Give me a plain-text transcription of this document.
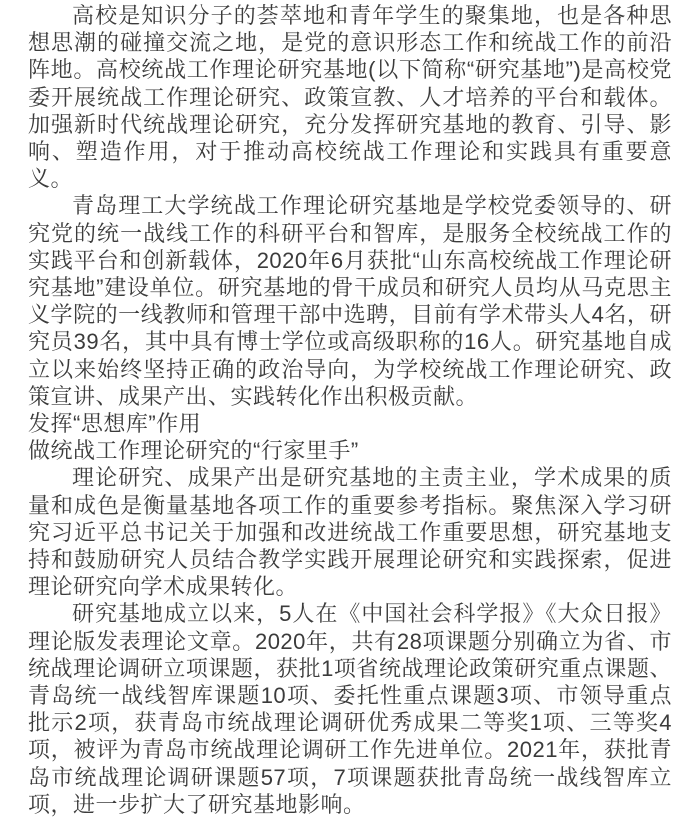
高校是知识分子的荟萃地和青年学生的聚集地，也是各种思想思潮的碰撞交流之地，是党的意识形态工作和统战工作的前沿阵地。高校统战工作理论研究基地(以下简称“研究基地”)是高校党委开展统战工作理论研究、政策宣教、人才培养的平台和载体。加强新时代统战理论研究，充分发挥研究基地的教育、引导、影响、塑造作用，对于推动高校统战工作理论和实践具有重要意义。

青岛理工大学统战工作理论研究基地是学校党委领导的、研究党的统一战线工作的科研平台和智库，是服务全校统战工作的实践平台和创新载体，2020年6月获批“山东高校统战工作理论研究基地”建设单位。研究基地的骨干成员和研究人员均从马克思主义学院的一线教师和管理干部中选聘，目前有学术带头人4名，研究员39名，其中具有博士学位或高级职称的16人。研究基地自成立以来始终坚持正确的政治导向，为学校统战工作理论研究、政策宣讲、成果产出、实践转化作出积极贡献。

发挥“思想库”作用

做统战工作理论研究的“行家里手”

理论研究、成果产出是研究基地的主责主业，学术成果的质量和成色是衡量基地各项工作的重要参考指标。聚焦深入学习研究习近平总书记关于加强和改进统战工作重要思想，研究基地支持和鼓励研究人员结合教学实践开展理论研究和实践探索，促进理论研究向学术成果转化。

研究基地成立以来，5人在《中国社会科学报》《大众日报》理论版发表理论文章。2020年，共有28项课题分别确立为省、市统战理论调研立项课题，获批1项省统战理论政策研究重点课题、青岛统一战线智库课题10项、委托性重点课题3项、市领导重点批示2项，获青岛市统战理论调研优秀成果二等奖1项、三等奖4项，被评为青岛市统战理论调研工作先进单位。2021年，获批青岛市统战理论调研课题57项，7项课题获批青岛统一战线智库立项，进一步扩大了研究基地影响。
